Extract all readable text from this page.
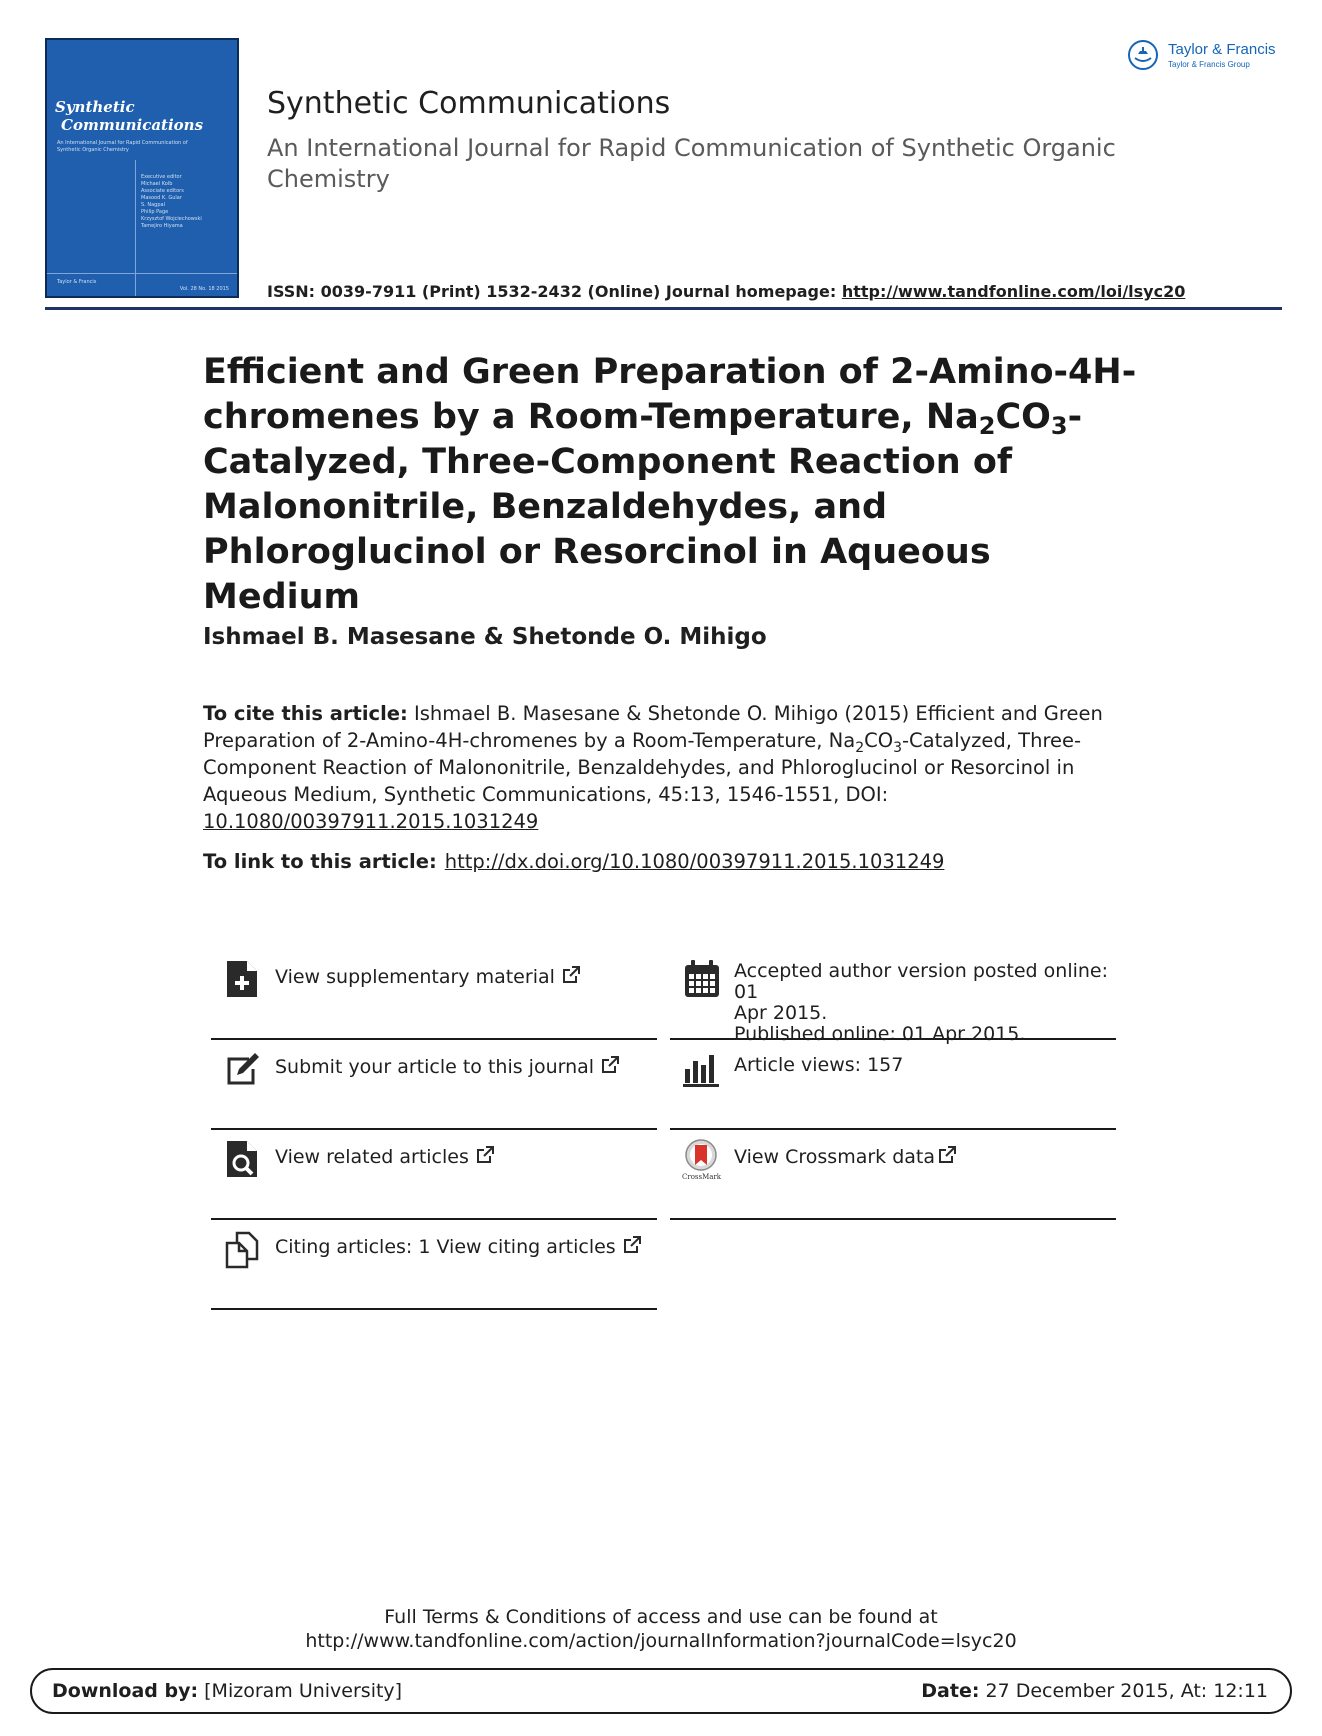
Synthetic
Communications
An International Journal for Rapid Communication of Synthetic Organic Chemistry
Executive editor
Michael Kolb
Associate editors
Masood K. Gular
S. Nagpal
Philip Page
Krzysztof Wojciechowski
Tamejiro Hiyama
Taylor & Francis
Vol. 28 No. 18 2015
Taylor & Francis
Taylor & Francis Group
Synthetic Communications
An International Journal for Rapid Communication of Synthetic Organic Chemistry
ISSN: 0039-7911 (Print) 1532-2432 (Online) Journal homepage: http://www.tandfonline.com/loi/lsyc20
Efficient and Green Preparation of 2-Amino-4H-chromenes by a Room-Temperature, $Na_2CO_3$-Catalyzed, Three-Component Reaction of Malononitrile, Benzaldehydes, and Phloroglucinol or Resorcinol in Aqueous Medium
Ishmael B. Masesane & Shetonde O. Mihigo
To cite this article: Ishmael B. Masesane & Shetonde O. Mihigo (2015) Efficient and Green Preparation of 2-Amino-4H-chromenes by a Room-Temperature, $Na_2CO_3$-Catalyzed, Three-Component Reaction of Malononitrile, Benzaldehydes, and Phloroglucinol or Resorcinol in Aqueous Medium, Synthetic Communications, 45:13, 1546-1551, DOI: 10.1080/00397911.2015.1031249
To link to this article: http://dx.doi.org/10.1080/00397911.2015.1031249
View supplementary material
Submit your article to this journal
View related articles
Citing articles: 1 View citing articles
Accepted author version posted online: 01
Apr 2015.
Published online: 01 Apr 2015.
Article views: 157
CrossMark
View Crossmark data
Full Terms & Conditions of access and use can be found at
http://www.tandfonline.com/action/journalInformation?journalCode=lsyc20
Download by: [Mizoram University]	Date: 27 December 2015, At: 12:11
